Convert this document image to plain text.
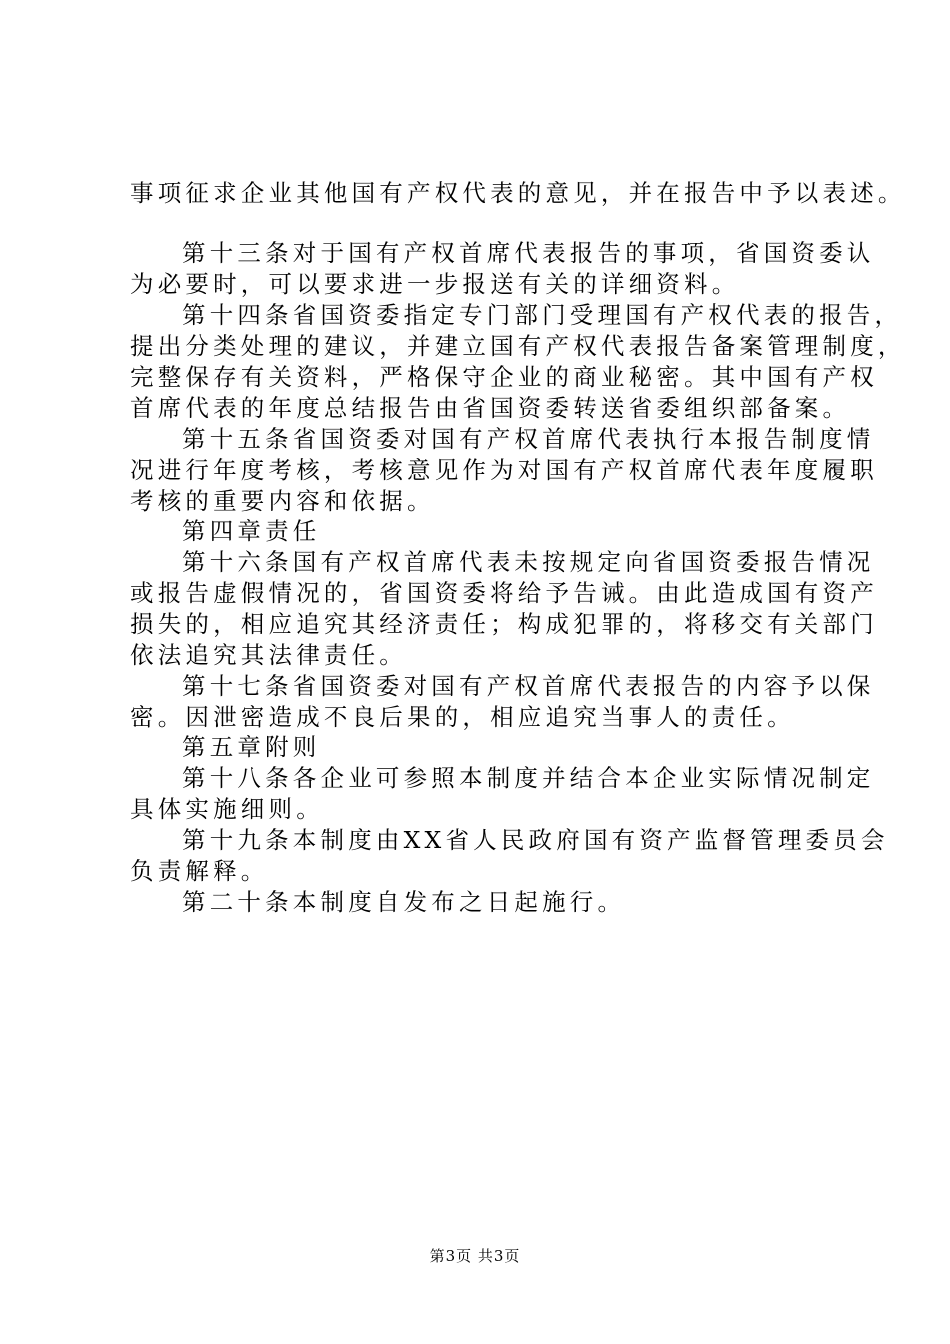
事项征求企业其他国有产权代表的意见，并在报告中予以表述。
第十三条对于国有产权首席代表报告的事项，省国资委认
为必要时，可以要求进一步报送有关的详细资料。
第十四条省国资委指定专门部门受理国有产权代表的报告，
提出分类处理的建议，并建立国有产权代表报告备案管理制度，
完整保存有关资料，严格保守企业的商业秘密。其中国有产权
首席代表的年度总结报告由省国资委转送省委组织部备案。
第十五条省国资委对国有产权首席代表执行本报告制度情
况进行年度考核，考核意见作为对国有产权首席代表年度履职
考核的重要内容和依据。
第四章责任
第十六条国有产权首席代表未按规定向省国资委报告情况
或报告虚假情况的，省国资委将给予告诫。由此造成国有资产
损失的，相应追究其经济责任；构成犯罪的，将移交有关部门
依法追究其法律责任。
第十七条省国资委对国有产权首席代表报告的内容予以保
密。因泄密造成不良后果的，相应追究当事人的责任。
第五章附则
第十八条各企业可参照本制度并结合本企业实际情况制定
具体实施细则。
第十九条本制度由XX省人民政府国有资产监督管理委员会
负责解释。
第二十条本制度自发布之日起施行。
第3页 共3页
